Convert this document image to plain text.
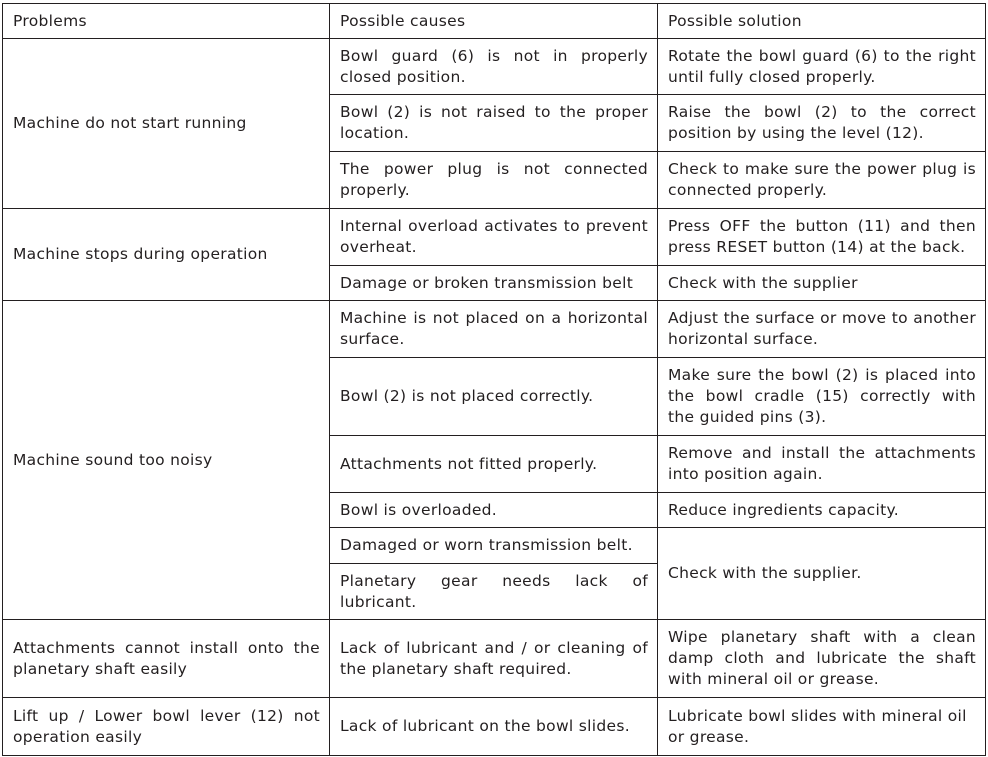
Problems	Possible causes	Possible solution
Machine do not start running	Bowl guard (6) is not in properly closed position.	Rotate the bowl guard (6) to the right until fully closed properly.
	Bowl (2) is not raised to the proper location.	Raise the bowl (2) to the correct position by using the level (12).
	The power plug is not connected properly.	Check to make sure the power plug is connected properly.
Machine stops during operation	Internal overload activates to prevent overheat.	Press OFF the button (11) and then press RESET button (14) at the back.
	Damage or broken transmission belt	Check with the supplier
Machine sound too noisy	Machine is not placed on a horizontal surface.	Adjust the surface or move to another horizontal surface.
	Bowl (2) is not placed correctly.	Make sure the bowl (2) is placed into the bowl cradle (15) correctly with the guided pins (3).
	Attachments not fitted properly.	Remove and install the attachments into position again.
	Bowl is overloaded.	Reduce ingredients capacity.
	Damaged or worn transmission belt.	Check with the supplier.
	Planetary gear needs lack of lubricant.	
Attachments cannot install onto the planetary shaft easily	Lack of lubricant and / or cleaning of the planetary shaft required.	Wipe planetary shaft with a clean damp cloth and lubricate the shaft with mineral oil or grease.
Lift up / Lower bowl lever (12) not operation easily	Lack of lubricant on the bowl slides.	Lubricate bowl slides with mineral oil or grease.
